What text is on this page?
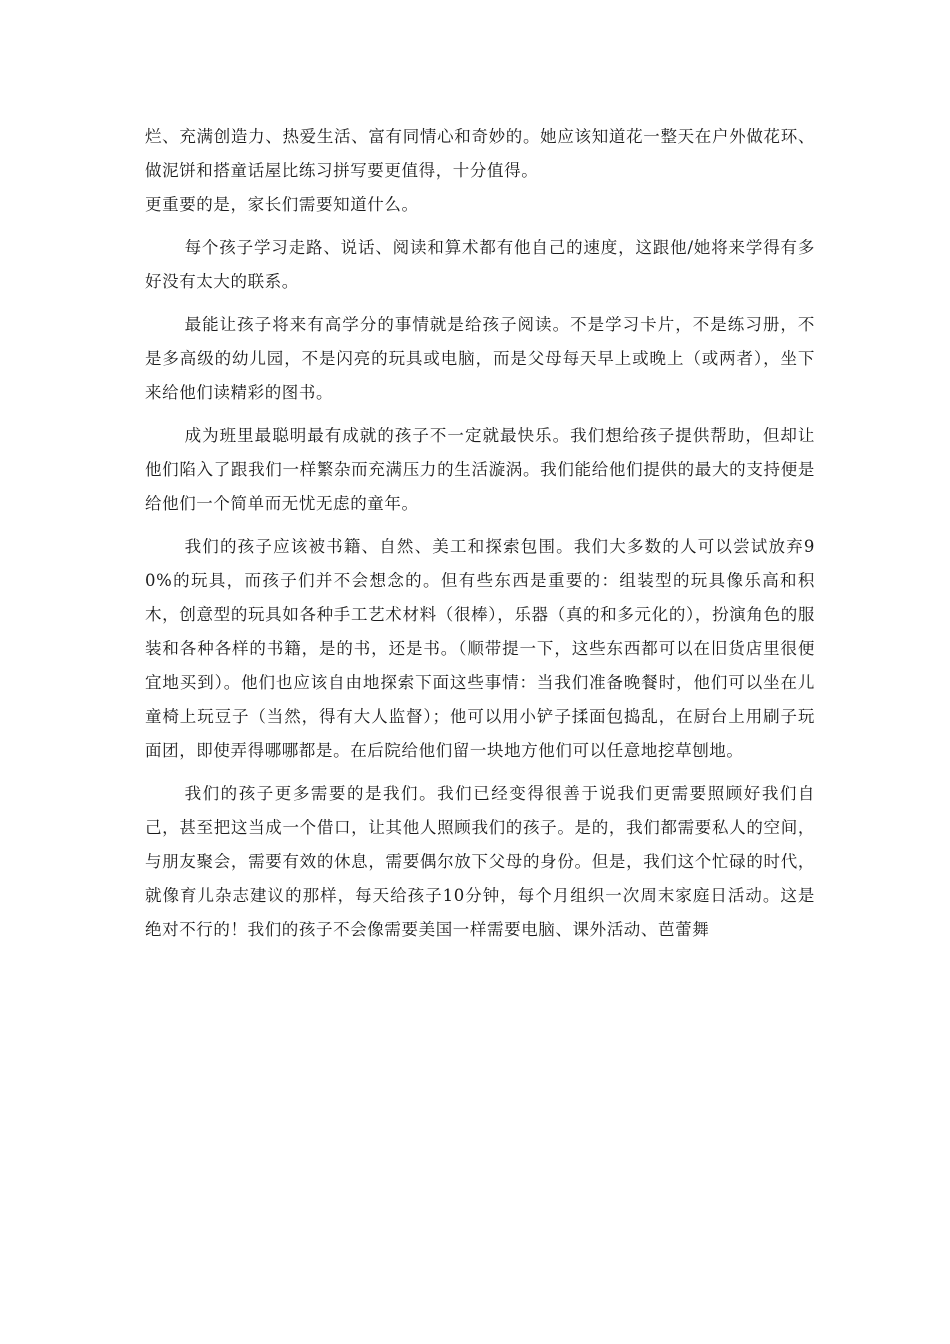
烂、充满创造力、热爱生活、富有同情心和奇妙的。她应该知道花一整天在户外做花环、做泥饼和搭童话屋比练习拼写要更值得，十分值得。

更重要的是，家长们需要知道什么。

每个孩子学习走路、说话、阅读和算术都有他自己的速度，这跟他/她将来学得有多好没有太大的联系。

最能让孩子将来有高学分的事情就是给孩子阅读。不是学习卡片，不是练习册，不是多高级的幼儿园，不是闪亮的玩具或电脑，而是父母每天早上或晚上（或两者），坐下来给他们读精彩的图书。

成为班里最聪明最有成就的孩子不一定就最快乐。我们想给孩子提供帮助，但却让他们陷入了跟我们一样繁杂而充满压力的生活漩涡。我们能给他们提供的最大的支持便是给他们一个简单而无忧无虑的童年。

我们的孩子应该被书籍、自然、美工和探索包围。我们大多数的人可以尝试放弃90%的玩具，而孩子们并不会想念的。但有些东西是重要的：组装型的玩具像乐高和积木，创意型的玩具如各种手工艺术材料（很棒），乐器（真的和多元化的），扮演角色的服装和各种各样的书籍，是的书，还是书。（顺带提一下，这些东西都可以在旧货店里很便宜地买到）。他们也应该自由地探索下面这些事情：当我们准备晚餐时，他们可以坐在儿童椅上玩豆子（当然，得有大人监督）；他可以用小铲子揉面包捣乱，在厨台上用刷子玩面团，即使弄得哪哪都是。在后院给他们留一块地方他们可以任意地挖草刨地。

我们的孩子更多需要的是我们。我们已经变得很善于说我们更需要照顾好我们自己，甚至把这当成一个借口，让其他人照顾我们的孩子。是的，我们都需要私人的空间，与朋友聚会，需要有效的休息，需要偶尔放下父母的身份。但是，我们这个忙碌的时代，就像育儿杂志建议的那样，每天给孩子10分钟，每个月组织一次周末家庭日活动。这是绝对不行的！我们的孩子不会像需要美国一样需要电脑、课外活动、芭蕾舞
